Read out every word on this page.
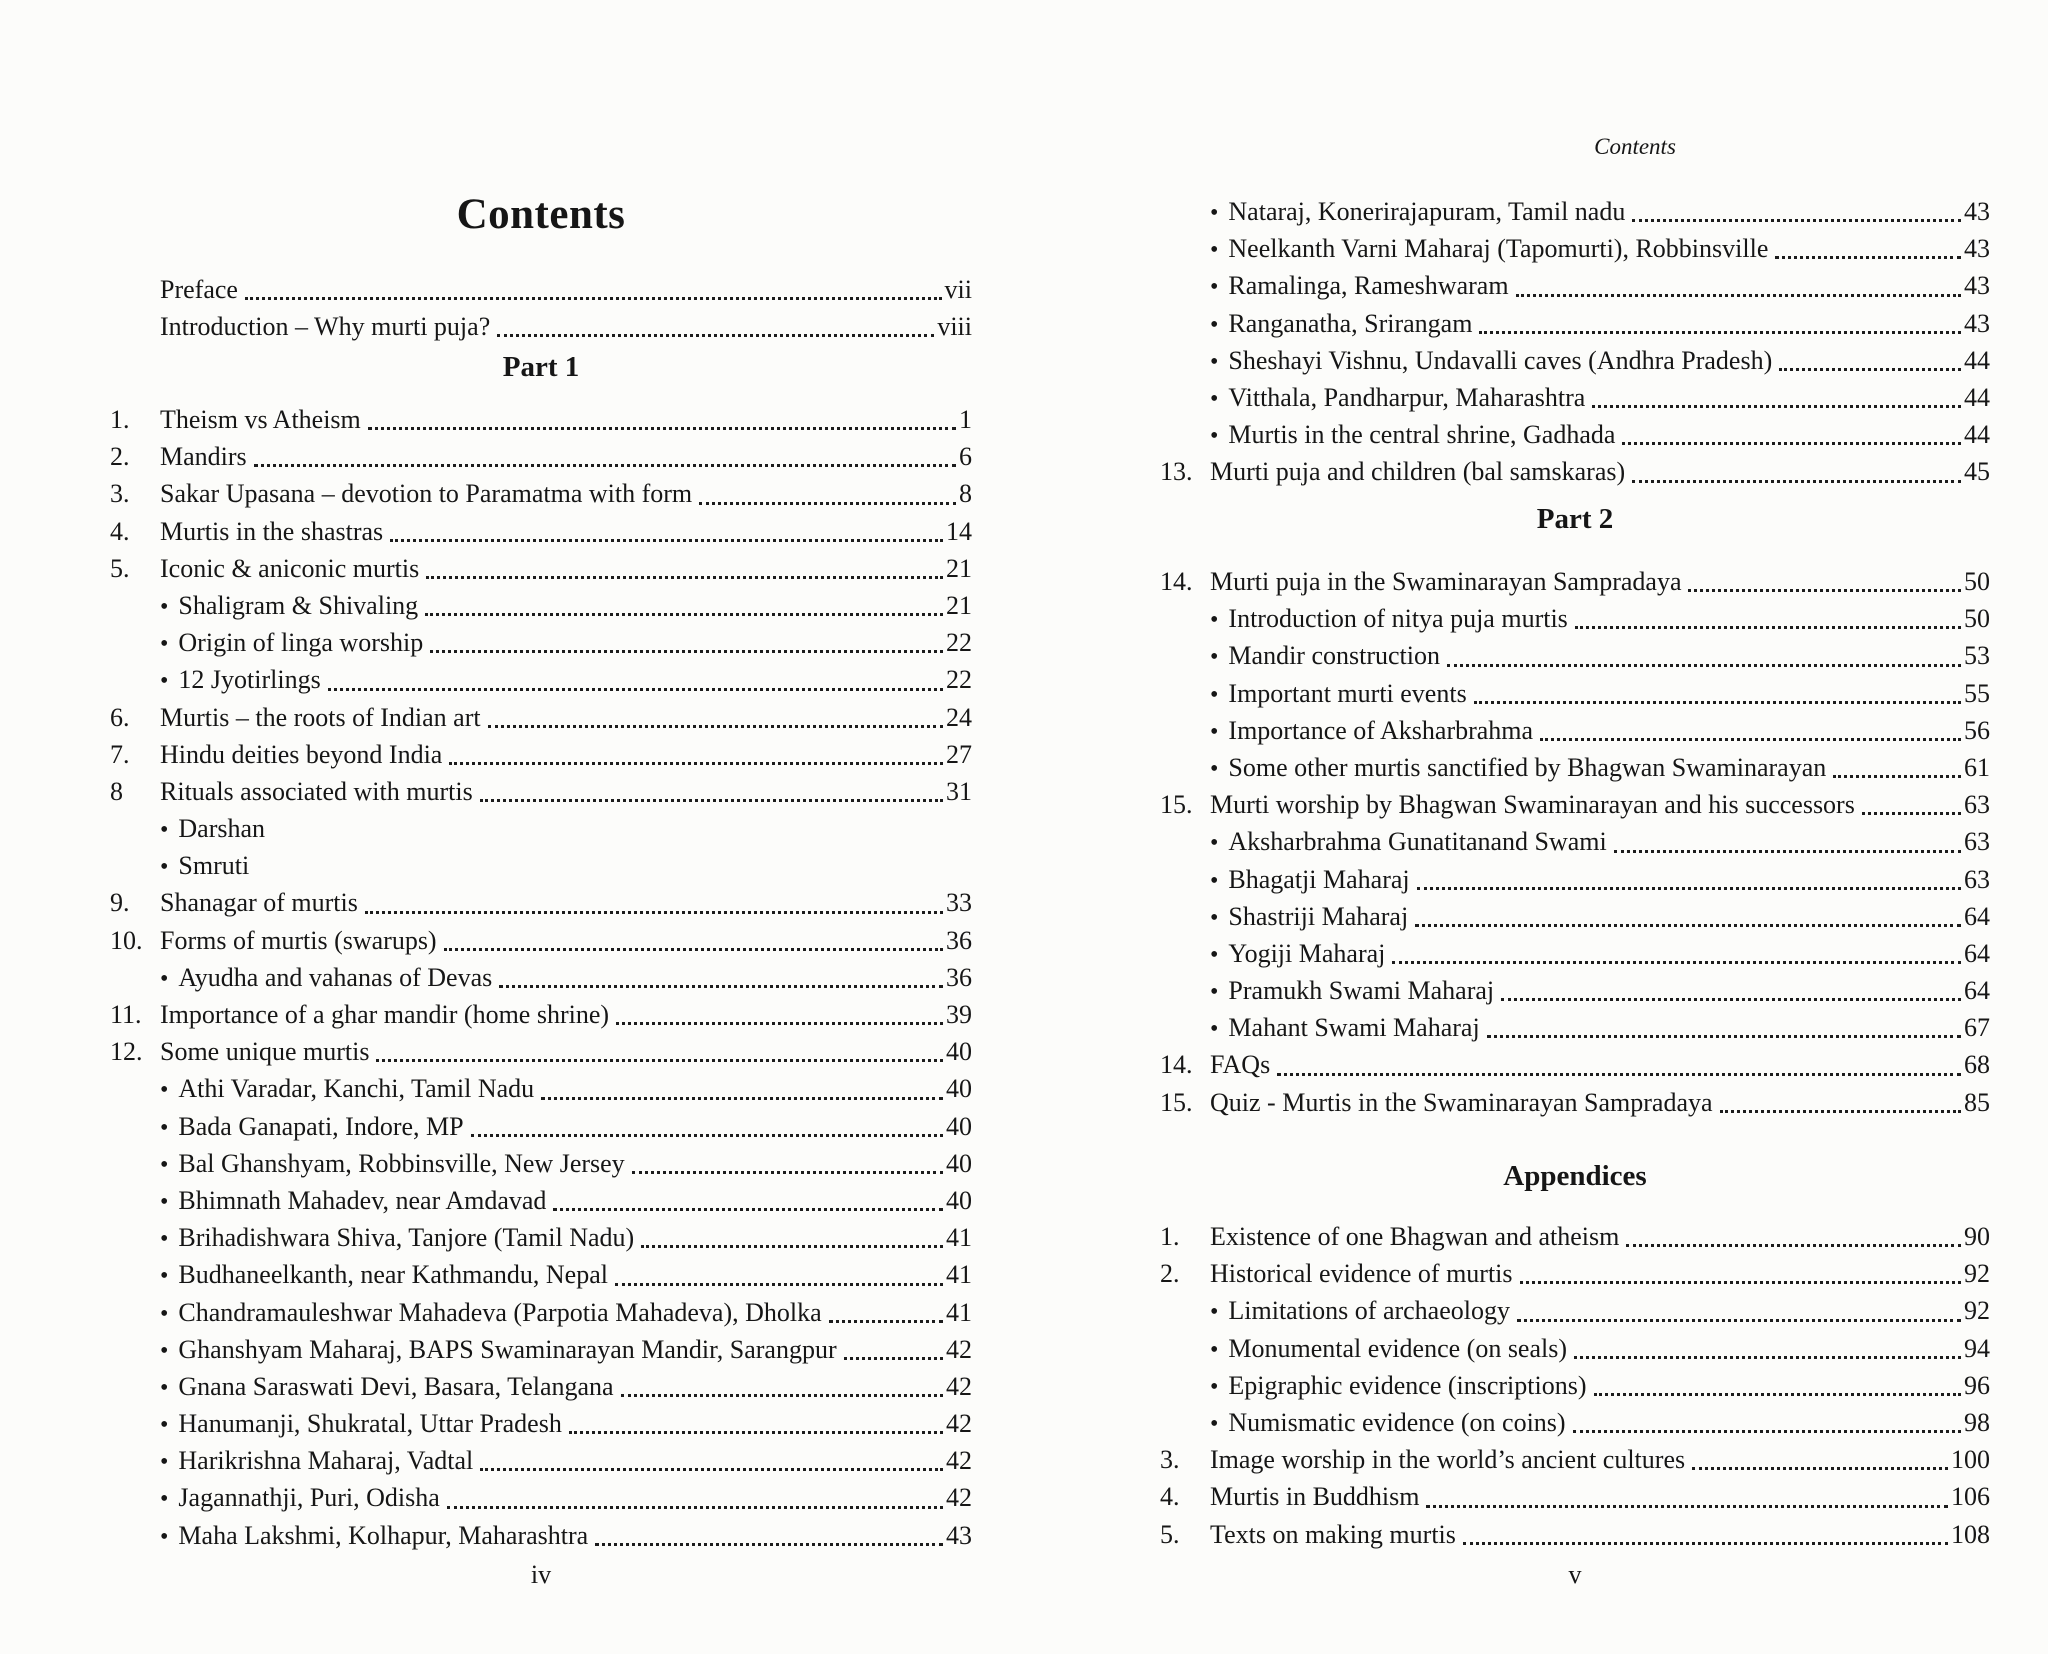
Contents
Preface	vii
Introduction – Why murti puja?	viii
Part 1
1.	Theism vs Atheism	1
2.	Mandirs	6
3.	Sakar Upasana – devotion to Paramatma with form	8
4.	Murtis in the shastras	14
5.	Iconic & aniconic murtis	21
• Shaligram & Shivaling	21
• Origin of linga worship	22
• 12 Jyotirlings	22
6.	Murtis – the roots of Indian art	24
7.	Hindu deities beyond India	27
8	Rituals associated with murtis	31
• Darshan
• Smruti
9.	Shanagar of murtis	33
10. Forms of murtis (swarups)	36
• Ayudha and vahanas of Devas	36
11. Importance of a ghar mandir (home shrine)	39
12. Some unique murtis	40
• Athi Varadar, Kanchi, Tamil Nadu	40
• Bada Ganapati, Indore, MP	40
• Bal Ghanshyam, Robbinsville, New Jersey	40
• Bhimnath Mahadev, near Amdavad	40
• Brihadishwara Shiva, Tanjore (Tamil Nadu)	41
• Budhaneelkanth, near Kathmandu, Nepal	41
• Chandramauleshwar Mahadeva (Parpotia Mahadeva), Dholka	41
• Ghanshyam Maharaj, BAPS Swaminarayan Mandir, Sarangpur	42
• Gnana Saraswati Devi, Basara, Telangana	42
• Hanumanji, Shukratal, Uttar Pradesh	42
• Harikrishna Maharaj, Vadtal	42
• Jagannathji, Puri, Odisha	42
• Maha Lakshmi, Kolhapur, Maharashtra	43
iv
Contents
• Nataraj, Konerirajapuram, Tamil nadu	43
• Neelkanth Varni Maharaj (Tapomurti), Robbinsville	43
• Ramalinga, Rameshwaram	43
• Ranganatha, Srirangam	43
• Sheshayi Vishnu, Undavalli caves (Andhra Pradesh)	44
• Vitthala, Pandharpur, Maharashtra	44
• Murtis in the central shrine, Gadhada	44
13. Murti puja and children (bal samskaras)	45
Part 2
14. Murti puja in the Swaminarayan Sampradaya	50
• Introduction of nitya puja murtis	50
• Mandir construction	53
• Important murti events	55
• Importance of Aksharbrahma	56
• Some other murtis sanctified by Bhagwan Swaminarayan	61
15. Murti worship by Bhagwan Swaminarayan and his successors	63
• Aksharbrahma Gunatitanand Swami	63
• Bhagatji Maharaj	63
• Shastriji Maharaj	64
• Yogiji Maharaj	64
• Pramukh Swami Maharaj	64
• Mahant Swami Maharaj	67
14. FAQs	68
15. Quiz - Murtis in the Swaminarayan Sampradaya	85
Appendices
1.	Existence of one Bhagwan and atheism	90
2.	Historical evidence of murtis	92
• Limitations of archaeology	92
• Monumental evidence (on seals)	94
• Epigraphic evidence (inscriptions)	96
• Numismatic evidence (on coins)	98
3.	Image worship in the world’s ancient cultures	100
4.	Murtis in Buddhism	106
5.	Texts on making murtis	108
v
